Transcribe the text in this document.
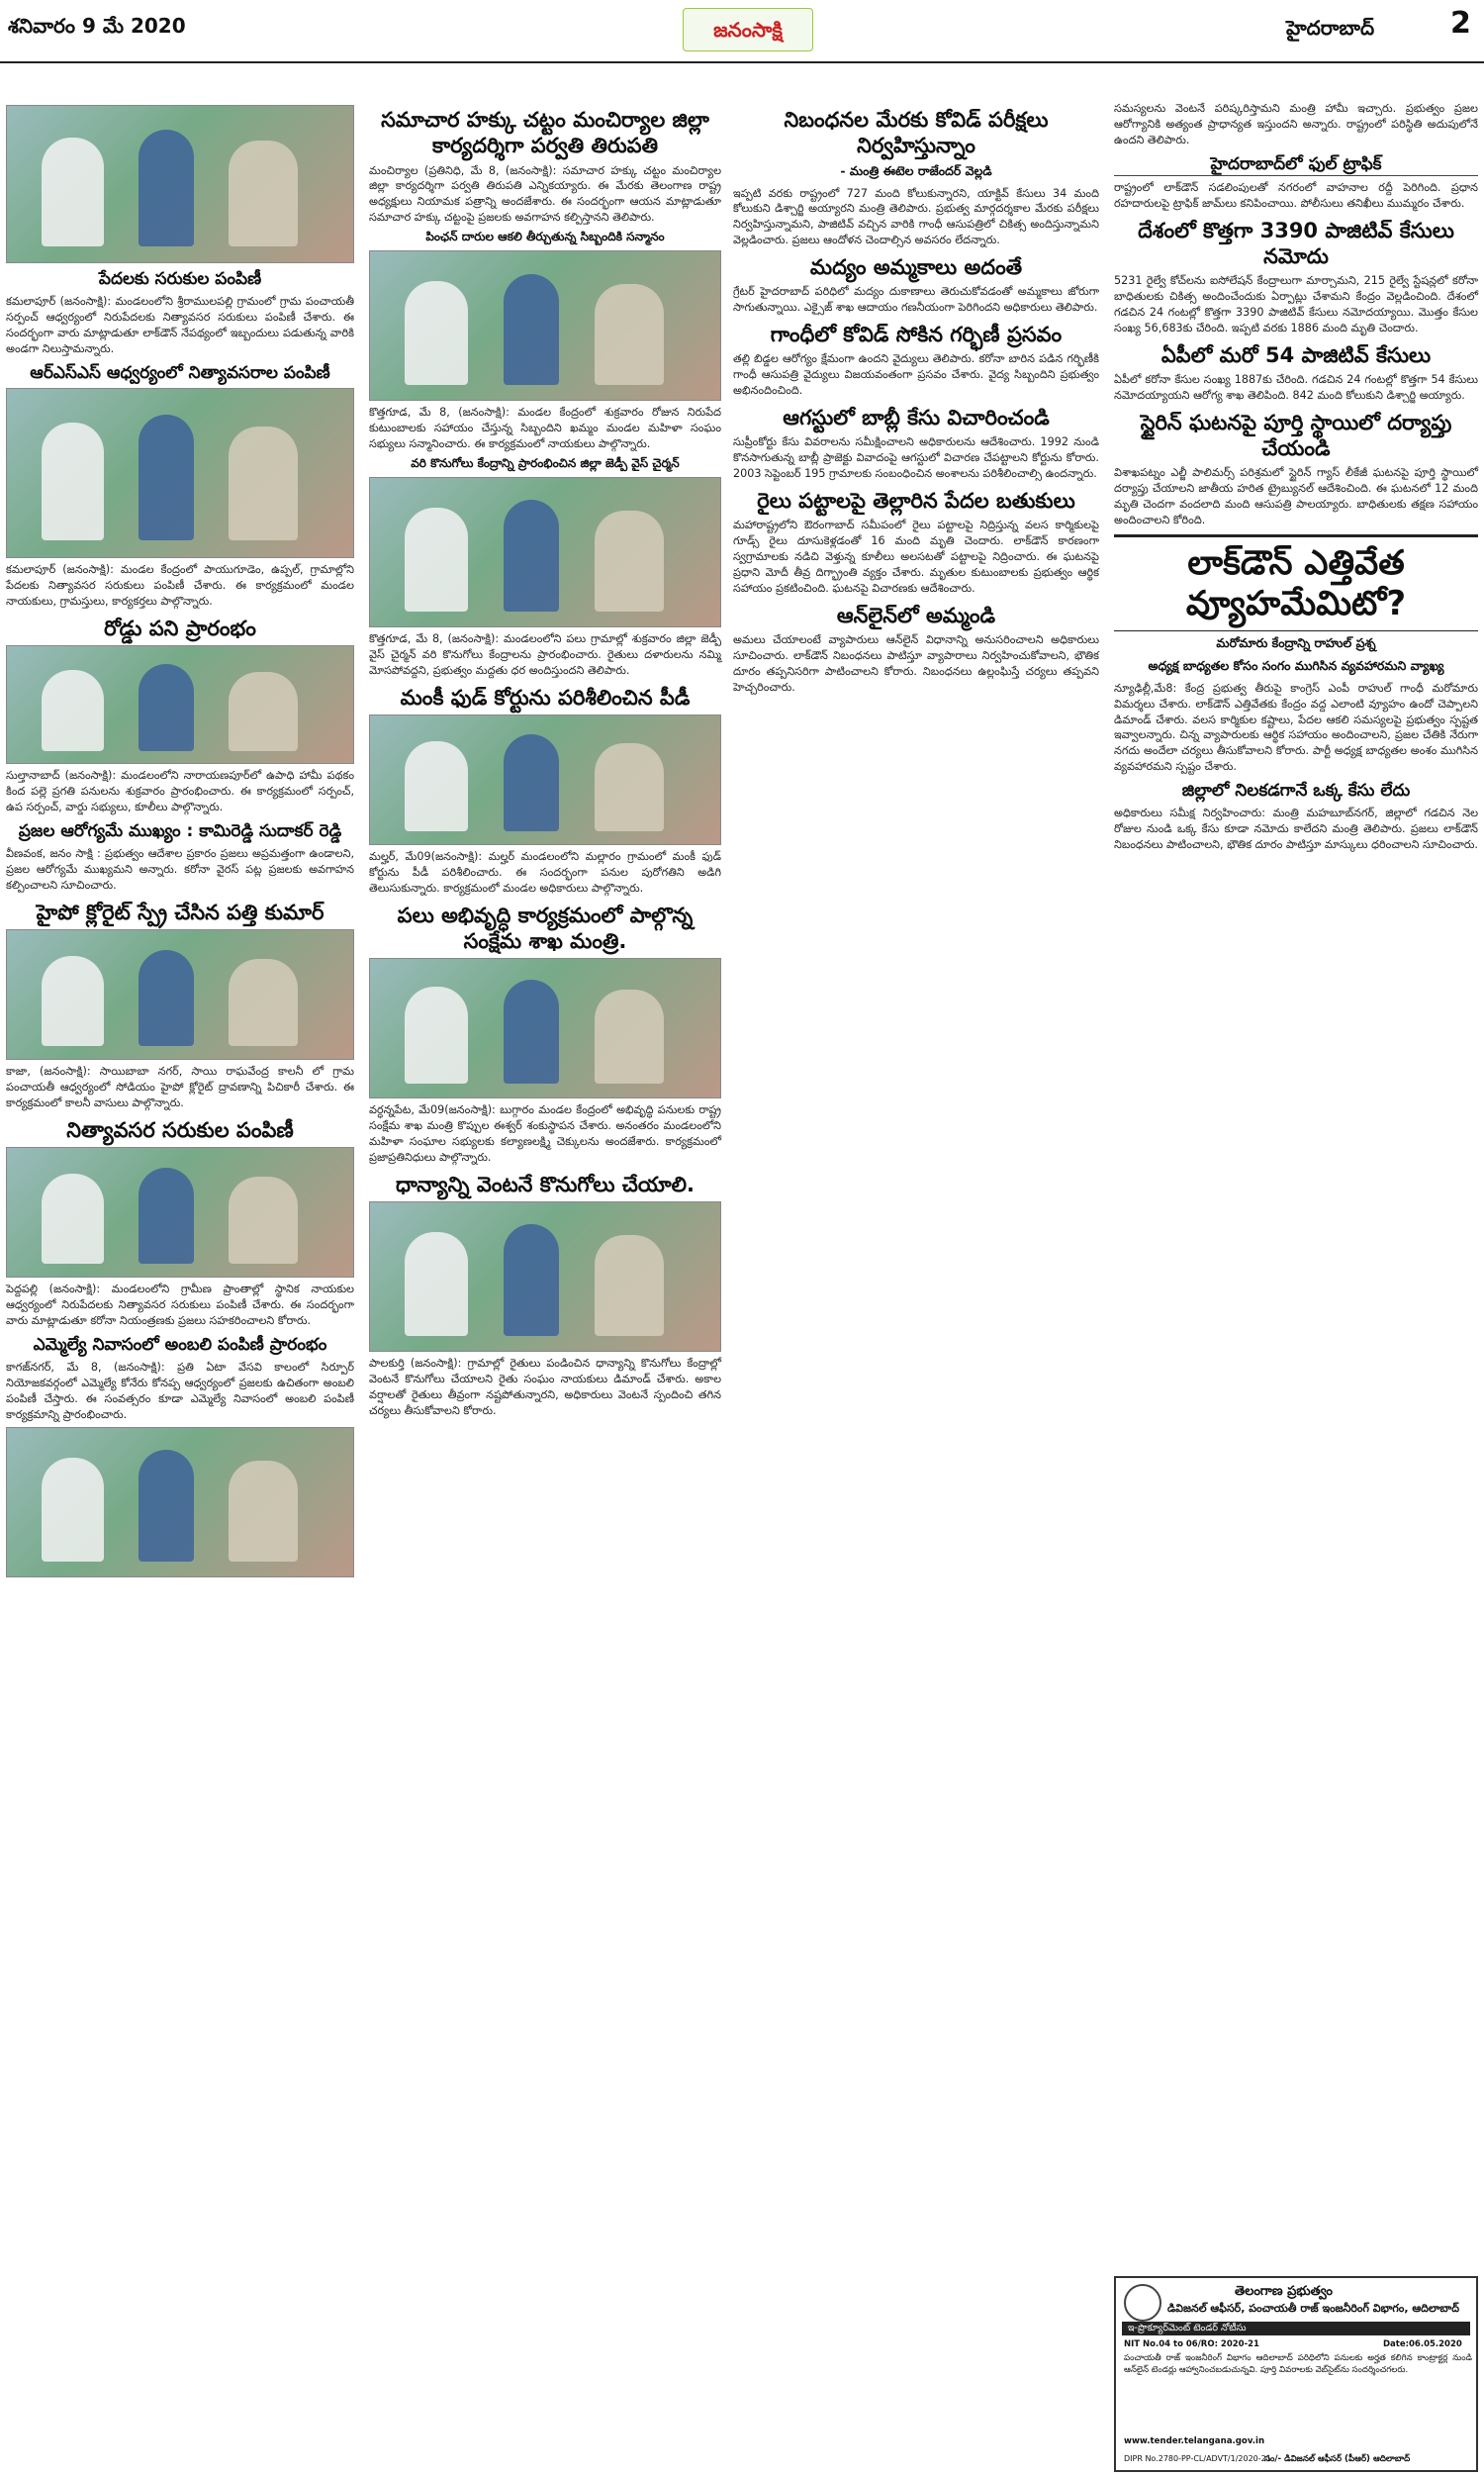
శనివారం 9 మే 2020	జనంసాక్షి	హైదరాబాద్	2
పేదలకు సరుకుల పంపిణీ
కమలాపూర్ (జనంసాక్షి): మండలంలోని శ్రీరాములపల్లి గ్రామంలో గ్రామ పంచాయతీ సర్పంచ్ ఆధ్వర్యంలో నిరుపేదలకు నిత్యావసర సరుకులు పంపిణీ చేశారు. ఈ సందర్భంగా వారు మాట్లాడుతూ లాక్‌డౌన్ నేపథ్యంలో ఇబ్బందులు పడుతున్న వారికి అండగా నిలుస్తామన్నారు.
ఆర్‌ఎస్‌ఎస్ ఆధ్వర్యంలో నిత్యావసరాల పంపిణీ
కమలాపూర్ (జనంసాక్షి): మండల కేంద్రంలో పాయుగూడెం, ఉప్పల్, గ్రామాల్లోని పేదలకు నిత్యావసర సరుకులు పంపిణీ చేశారు. ఈ కార్యక్రమంలో మండల నాయకులు, గ్రామస్తులు, కార్యకర్తలు పాల్గొన్నారు.
రోడ్డు పని ప్రారంభం
సుల్తానాబాద్ (జనంసాక్షి): మండలంలోని నారాయణపూర్‌లో ఉపాధి హామీ పథకం కింద పల్లె ప్రగతి పనులను శుక్రవారం ప్రారంభించారు. ఈ కార్యక్రమంలో సర్పంచ్, ఉప సర్పంచ్, వార్డు సభ్యులు, కూలీలు పాల్గొన్నారు.
ప్రజల ఆరోగ్యమే ముఖ్యం : కామిరెడ్డి సుదాకర్ రెడ్డి
వీణవంక, జనం సాక్షి : ప్రభుత్వం ఆదేశాల ప్రకారం ప్రజలు అప్రమత్తంగా ఉండాలని, ప్రజల ఆరోగ్యమే ముఖ్యమని అన్నారు. కరోనా వైరస్ పట్ల ప్రజలకు అవగాహన కల్పించాలని సూచించారు.
హైపో క్లోరైట్ స్ప్రే చేసిన పత్తి కుమార్
కాజా, (జనంసాక్షి): సాయిబాబా నగర్, సాయి రాఘవేంద్ర కాలనీ లో గ్రామ పంచాయతీ ఆధ్వర్యంలో సోడియం హైపో క్లోరైట్ ద్రావణాన్ని పిచికారీ చేశారు. ఈ కార్యక్రమంలో కాలనీ వాసులు పాల్గొన్నారు.
నిత్యావసర సరుకుల పంపిణీ
పెద్దపల్లి (జనంసాక్షి): మండలంలోని గ్రామీణ ప్రాంతాల్లో స్థానిక నాయకుల ఆధ్వర్యంలో నిరుపేదలకు నిత్యావసర సరుకులు పంపిణీ చేశారు. ఈ సందర్భంగా వారు మాట్లాడుతూ కరోనా నియంత్రణకు ప్రజలు సహకరించాలని కోరారు.
ఎమ్మెల్యే నివాసంలో అంబలి పంపిణీ ప్రారంభం
కాగజ్‌నగర్, మే 8, (జనంసాక్షి): ప్రతి ఏటా వేసవి కాలంలో సిర్పూర్ నియోజకవర్గంలో ఎమ్మెల్యే కోనేరు కోనప్ప ఆధ్వర్యంలో ప్రజలకు ఉచితంగా అంబలి పంపిణీ చేస్తారు. ఈ సంవత్సరం కూడా ఎమ్మెల్యే నివాసంలో అంబలి పంపిణీ కార్యక్రమాన్ని ప్రారంభించారు.
సమాచార హక్కు చట్టం మంచిర్యాల జిల్లా కార్యదర్శిగా పర్వతి తిరుపతి
మంచిర్యాల (ప్రతినిధి, మే 8, (జనంసాక్షి): సమాచార హక్కు చట్టం మంచిర్యాల జిల్లా కార్యదర్శిగా పర్వతి తిరుపతి ఎన్నికయ్యారు. ఈ మేరకు తెలంగాణ రాష్ట్ర అధ్యక్షులు నియామక పత్రాన్ని అందజేశారు. ఈ సందర్భంగా ఆయన మాట్లాడుతూ సమాచార హక్కు చట్టంపై ప్రజలకు అవగాహన కల్పిస్తానని తెలిపారు.
పింఛన్ దారుల ఆకలి తీర్చుతున్న సిబ్బందికి సన్మానం
కొత్తగూడ, మే 8, (జనంసాక్షి): మండల కేంద్రంలో శుక్రవారం రోజున నిరుపేద కుటుంబాలకు సహాయం చేస్తున్న సిబ్బందిని ఖమ్మం మండల మహిళా సంఘం సభ్యులు సన్మానించారు. ఈ కార్యక్రమంలో నాయకులు పాల్గొన్నారు.
వరి కొనుగోలు కేంద్రాన్ని ప్రారంభించిన జిల్లా జెడ్పీ వైస్ చైర్మన్
కొత్తగూడ, మే 8, (జనంసాక్షి): మండలంలోని పలు గ్రామాల్లో శుక్రవారం జిల్లా జెడ్పీ వైస్ చైర్మన్ వరి కొనుగోలు కేంద్రాలను ప్రారంభించారు. రైతులు దళారులను నమ్మి మోసపోవద్దని, ప్రభుత్వం మద్దతు ధర అందిస్తుందని తెలిపారు.
మంకీ ఫుడ్ కోర్టును పరిశీలించిన పీడీ
మల్హర్, మే09(జనంసాక్షి): మల్హర్ మండలంలోని మల్లారం గ్రామంలో మంకీ ఫుడ్ కోర్టును పీడీ పరిశీలించారు. ఈ సందర్భంగా పనుల పురోగతిని అడిగి తెలుసుకున్నారు. కార్యక్రమంలో మండల అధికారులు పాల్గొన్నారు.
పలు అభివృద్ధి కార్యక్రమంలో పాల్గొన్న సంక్షేమ శాఖ మంత్రి.
వర్ధన్నపేట, మే09(జనంసాక్షి): బుగ్గారం మండల కేంద్రంలో అభివృద్ధి పనులకు రాష్ట్ర సంక్షేమ శాఖ మంత్రి కొప్పుల ఈశ్వర్ శంకుస్థాపన చేశారు. అనంతరం మండలంలోని మహిళా సంఘాల సభ్యులకు కల్యాణలక్ష్మి చెక్కులను అందజేశారు. కార్యక్రమంలో ప్రజాప్రతినిధులు పాల్గొన్నారు.
ధాన్యాన్ని వెంటనే కొనుగోలు చేయాలి.
పాలకుర్తి (జనంసాక్షి): గ్రామాల్లో రైతులు పండించిన ధాన్యాన్ని కొనుగోలు కేంద్రాల్లో వెంటనే కొనుగోలు చేయాలని రైతు సంఘం నాయకులు డిమాండ్ చేశారు. అకాల వర్షాలతో రైతులు తీవ్రంగా నష్టపోతున్నారని, అధికారులు వెంటనే స్పందించి తగిన చర్యలు తీసుకోవాలని కోరారు.
నిబంధనల మేరకు కోవిడ్ పరీక్షలు నిర్వహిస్తున్నాం
- మంత్రి ఈటెల రాజేందర్ వెల్లడి
ఇప్పటి వరకు రాష్ట్రంలో 727 మంది కోలుకున్నారని, యాక్టివ్ కేసులు 34 మంది కోలుకుని డిశ్చార్జి అయ్యారని మంత్రి తెలిపారు. ప్రభుత్వ మార్గదర్శకాల మేరకు పరీక్షలు నిర్వహిస్తున్నామని, పాజిటివ్ వచ్చిన వారికి గాంధీ ఆసుపత్రిలో చికిత్స అందిస్తున్నామని వెల్లడించారు. ప్రజలు ఆందోళన చెందాల్సిన అవసరం లేదన్నారు.
మద్యం అమ్మకాలు అదంతే
గ్రేటర్ హైదరాబాద్ పరిధిలో మద్యం దుకాణాలు తెరుచుకోవడంతో అమ్మకాలు జోరుగా సాగుతున్నాయి. ఎక్సైజ్ శాఖ ఆదాయం గణనీయంగా పెరిగిందని అధికారులు తెలిపారు.
గాంధీలో కోవిడ్ సోకిన గర్భిణీ ప్రసవం
తల్లి బిడ్డల ఆరోగ్యం క్షేమంగా ఉందని వైద్యులు తెలిపారు. కరోనా బారిన పడిన గర్భిణీకి గాంధీ ఆసుపత్రి వైద్యులు విజయవంతంగా ప్రసవం చేశారు. వైద్య సిబ్బందిని ప్రభుత్వం అభినందించింది.
ఆగస్టులో బాబ్లీ కేసు విచారించండి
సుప్రీంకోర్టు కేసు వివరాలను సమీక్షించాలని అధికారులను ఆదేశించారు. 1992 నుండి కొనసాగుతున్న బాబ్లీ ప్రాజెక్టు వివాదంపై ఆగస్టులో విచారణ చేపట్టాలని కోర్టును కోరారు. 2003 సెప్టెంబర్ 195 గ్రామాలకు సంబంధించిన అంశాలను పరిశీలించాల్సి ఉందన్నారు.
రైలు పట్టాలపై తెల్లారిన పేదల బతుకులు
మహారాష్ట్రలోని ఔరంగాబాద్ సమీపంలో రైలు పట్టాలపై నిద్రిస్తున్న వలస కార్మికులపై గూడ్స్ రైలు దూసుకెళ్లడంతో 16 మంది మృతి చెందారు. లాక్‌డౌన్ కారణంగా స్వగ్రామాలకు నడిచి వెళ్తున్న కూలీలు అలసటతో పట్టాలపై నిద్రించారు. ఈ ఘటనపై ప్రధాని మోదీ తీవ్ర దిగ్భ్రాంతి వ్యక్తం చేశారు. మృతుల కుటుంబాలకు ప్రభుత్వం ఆర్థిక సహాయం ప్రకటించింది. ఘటనపై విచారణకు ఆదేశించారు.
ఆన్‌లైన్‌లో అమ్మండి
అమలు చేయాలంటే వ్యాపారులు ఆన్‌లైన్ విధానాన్ని అనుసరించాలని అధికారులు సూచించారు. లాక్‌డౌన్ నిబంధనలు పాటిస్తూ వ్యాపారాలు నిర్వహించుకోవాలని, భౌతిక దూరం తప్పనిసరిగా పాటించాలని కోరారు. నిబంధనలు ఉల్లంఘిస్తే చర్యలు తప్పవని హెచ్చరించారు.
సమస్యలను వెంటనే పరిష్కరిస్తామని మంత్రి హామీ ఇచ్చారు. ప్రభుత్వం ప్రజల ఆరోగ్యానికి అత్యంత ప్రాధాన్యత ఇస్తుందని అన్నారు. రాష్ట్రంలో పరిస్థితి అదుపులోనే ఉందని తెలిపారు.
హైదరాబాద్‌లో ఫుల్ ట్రాఫిక్
రాష్ట్రంలో లాక్‌డౌన్ సడలింపులతో నగరంలో వాహనాల రద్దీ పెరిగింది. ప్రధాన రహదారులపై ట్రాఫిక్ జామ్‌లు కనిపించాయి. పోలీసులు తనిఖీలు ముమ్మరం చేశారు.
దేశంలో కొత్తగా 3390 పాజిటివ్ కేసులు నమోదు
5231 రైల్వే కోచ్‌లను ఐసోలేషన్ కేంద్రాలుగా మార్చామని, 215 రైల్వే స్టేషన్లలో కరోనా బాధితులకు చికిత్స అందించేందుకు ఏర్పాట్లు చేశామని కేంద్రం వెల్లడించింది. దేశంలో గడచిన 24 గంటల్లో కొత్తగా 3390 పాజిటివ్ కేసులు నమోదయ్యాయి. మొత్తం కేసుల సంఖ్య 56,683కు చేరింది. ఇప్పటి వరకు 1886 మంది మృతి చెందారు.
ఏపీలో మరో 54 పాజిటివ్ కేసులు
ఏపీలో కరోనా కేసుల సంఖ్య 1887కు చేరింది. గడచిన 24 గంటల్లో కొత్తగా 54 కేసులు నమోదయ్యాయని ఆరోగ్య శాఖ తెలిపింది. 842 మంది కోలుకుని డిశ్చార్జి అయ్యారు.
స్టైరిన్ ఘటనపై పూర్తి స్థాయిలో దర్యాప్తు చేయండి
విశాఖపట్నం ఎల్జీ పాలిమర్స్ పరిశ్రమలో స్టైరిన్ గ్యాస్ లీకేజీ ఘటనపై పూర్తి స్థాయిలో దర్యాప్తు చేయాలని జాతీయ హరిత ట్రైబ్యునల్ ఆదేశించింది. ఈ ఘటనలో 12 మంది మృతి చెందగా వందలాది మంది ఆసుపత్రి పాలయ్యారు. బాధితులకు తక్షణ సహాయం అందించాలని కోరింది.
లాక్‌డౌన్ ఎత్తివేత వ్యూహమేమిటో?
మరోమారు కేంద్రాన్ని రాహుల్ ప్రశ్న
అధ్యక్ష బాధ్యతల కోసం సంగం ముగిసిన వ్యవహారమని వ్యాఖ్య
న్యూఢిల్లీ,మే8: కేంద్ర ప్రభుత్వ తీరుపై కాంగ్రెస్ ఎంపీ రాహుల్ గాంధీ మరోమారు విమర్శలు చేశారు. లాక్‌డౌన్ ఎత్తివేతకు కేంద్రం వద్ద ఎలాంటి వ్యూహం ఉందో చెప్పాలని డిమాండ్ చేశారు. వలస కార్మికుల కష్టాలు, పేదల ఆకలి సమస్యలపై ప్రభుత్వం స్పష్టత ఇవ్వాలన్నారు. చిన్న వ్యాపారులకు ఆర్థిక సహాయం అందించాలని, ప్రజల చేతికి నేరుగా నగదు అందేలా చర్యలు తీసుకోవాలని కోరారు. పార్టీ అధ్యక్ష బాధ్యతల అంశం ముగిసిన వ్యవహారమని స్పష్టం చేశారు.
జిల్లాలో నిలకడగానే ఒక్క కేసు లేదు
అధికారులు సమీక్ష నిర్వహించారు: మంత్రి మహబూబ్‌నగర్, జిల్లాలో గడచిన నెల రోజుల నుండి ఒక్క కేసు కూడా నమోదు కాలేదని మంత్రి తెలిపారు. ప్రజలు లాక్‌డౌన్ నిబంధనలు పాటించాలని, భౌతిక దూరం పాటిస్తూ మాస్కులు ధరించాలని సూచించారు.
తెలంగాణ ప్రభుత్వం
డివిజనల్ ఆఫీసర్, పంచాయతీ రాజ్ ఇంజనీరింగ్ విభాగం, ఆదిలాబాద్
ఇ-ప్రొక్యూర్‌మెంట్ టెండర్ నోటీసు
NIT No.04 to 06/RO: 2020-21	Date:06.05.2020
పంచాయతీ రాజ్ ఇంజనీరింగ్ విభాగం ఆదిలాబాద్ పరిధిలోని పనులకు అర్హత కలిగిన కాంట్రాక్టర్ల నుండి ఆన్‌లైన్ టెండర్లు ఆహ్వానించబడుచున్నవి. పూర్తి వివరాలకు వెబ్‌సైట్‌ను సందర్శించగలరు.
www.tender.telangana.gov.in
DIPR No.2780-PP-CL/ADVT/1/2020-21
సం/- డివిజనల్ ఆఫీసర్ (పీఆర్) ఆదిలాబాద్
